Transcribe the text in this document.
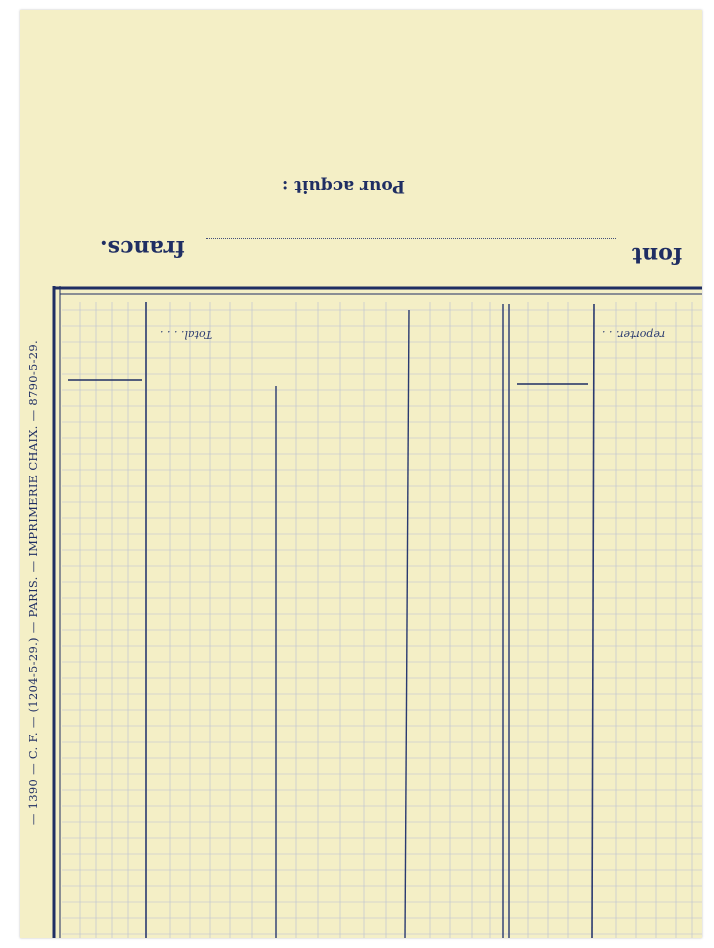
font
francs.
Pour acquit :
Total. . . .	reporter. . .
— 1390 — C. F. — (1204-5-29.) — PARIS. — IMPRIMERIE CHAIX. — 8790-5-29.
